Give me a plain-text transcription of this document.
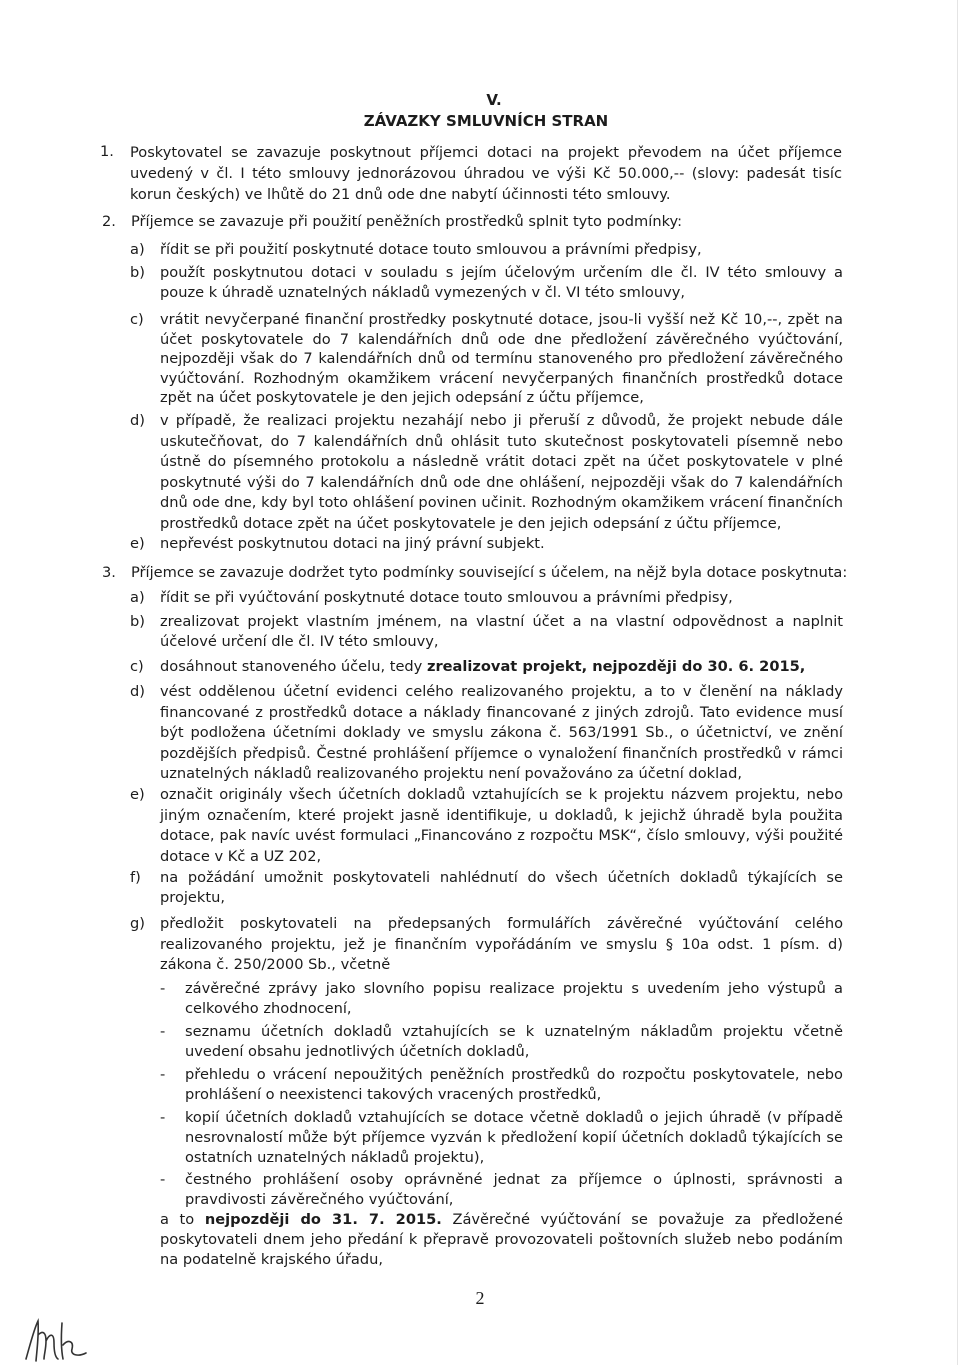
V.
ZÁVAZKY SMLUVNÍCH STRAN
1. Poskytovatel se zavazuje poskytnout příjemci dotaci na projekt převodem na účet příjemce uvedený v čl. I této smlouvy jednorázovou úhradou ve výši Kč 50.000,-- (slovy: padesát tisíc korun českých) ve lhůtě do 21 dnů ode dne nabytí účinnosti této smlouvy.
2. Příjemce se zavazuje při použití peněžních prostředků splnit tyto podmínky:
a) řídit se při použití poskytnuté dotace touto smlouvou a právními předpisy,
b) použít poskytnutou dotaci v souladu s jejím účelovým určením dle čl. IV této smlouvy a pouze k úhradě uznatelných nákladů vymezených v čl. VI této smlouvy,
c) vrátit nevyčerpané finanční prostředky poskytnuté dotace, jsou-li vyšší než Kč 10,--, zpět na účet poskytovatele do 7 kalendářních dnů ode dne předložení závěrečného vyúčtování, nejpozději však do 7 kalendářních dnů od termínu stanoveného pro předložení závěrečného vyúčtování. Rozhodným okamžikem vrácení nevyčerpaných finančních prostředků dotace zpět na účet poskytovatele je den jejich odepsání z účtu příjemce,
d) v případě, že realizaci projektu nezahájí nebo ji přeruší z důvodů, že projekt nebude dále uskutečňovat, do 7 kalendářních dnů ohlásit tuto skutečnost poskytovateli písemně nebo ústně do písemného protokolu a následně vrátit dotaci zpět na účet poskytovatele v plné poskytnuté výši do 7 kalendářních dnů ode dne ohlášení, nejpozději však do 7 kalendářních dnů ode dne, kdy byl toto ohlášení povinen učinit. Rozhodným okamžikem vrácení finančních prostředků dotace zpět na účet poskytovatele je den jejich odepsání z účtu příjemce,
e) nepřevést poskytnutou dotaci na jiný právní subjekt.
3. Příjemce se zavazuje dodržet tyto podmínky související s účelem, na nějž byla dotace poskytnuta:
a) řídit se při vyúčtování poskytnuté dotace touto smlouvou a právními předpisy,
b) zrealizovat projekt vlastním jménem, na vlastní účet a na vlastní odpovědnost a naplnit účelové určení dle čl. IV této smlouvy,
c) dosáhnout stanoveného účelu, tedy zrealizovat projekt, nejpozději do 30. 6. 2015,
d) vést oddělenou účetní evidenci celého realizovaného projektu, a to v členění na náklady financované z prostředků dotace a náklady financované z jiných zdrojů. Tato evidence musí být podložena účetními doklady ve smyslu zákona č. 563/1991 Sb., o účetnictví, ve znění pozdějších předpisů. Čestné prohlášení příjemce o vynaložení finančních prostředků v rámci uznatelných nákladů realizovaného projektu není považováno za účetní doklad,
e) označit originály všech účetních dokladů vztahujících se k projektu názvem projektu, nebo jiným označením, které projekt jasně identifikuje, u dokladů, k jejichž úhradě byla použita dotace, pak navíc uvést formulaci „Financováno z rozpočtu MSK“, číslo smlouvy, výši použité dotace v Kč a UZ 202,
f) na požádání umožnit poskytovateli nahlédnutí do všech účetních dokladů týkajících se projektu,
g) předložit poskytovateli na předepsaných formulářích závěrečné vyúčtování celého realizovaného projektu, jež je finančním vypořádáním ve smyslu § 10a odst. 1 písm. d) zákona č. 250/2000 Sb., včetně
- závěrečné zprávy jako slovního popisu realizace projektu s uvedením jeho výstupů a celkového zhodnocení,
- seznamu účetních dokladů vztahujících se k uznatelným nákladům projektu včetně uvedení obsahu jednotlivých účetních dokladů,
- přehledu o vrácení nepoužitých peněžních prostředků do rozpočtu poskytovatele, nebo prohlášení o neexistenci takových vracených prostředků,
- kopií účetních dokladů vztahujících se dotace včetně dokladů o jejich úhradě (v případě nesrovnalostí může být příjemce vyzván k předložení kopií účetních dokladů týkajících se ostatních uznatelných nákladů projektu),
- čestného prohlášení osoby oprávněné jednat za příjemce o úplnosti, správnosti a pravdivosti závěrečného vyúčtování,
a to nejpozději do 31. 7. 2015. Závěrečné vyúčtování se považuje za předložené poskytovateli dnem jeho předání k přepravě provozovateli poštovních služeb nebo podáním na podatelně krajského úřadu,
2
